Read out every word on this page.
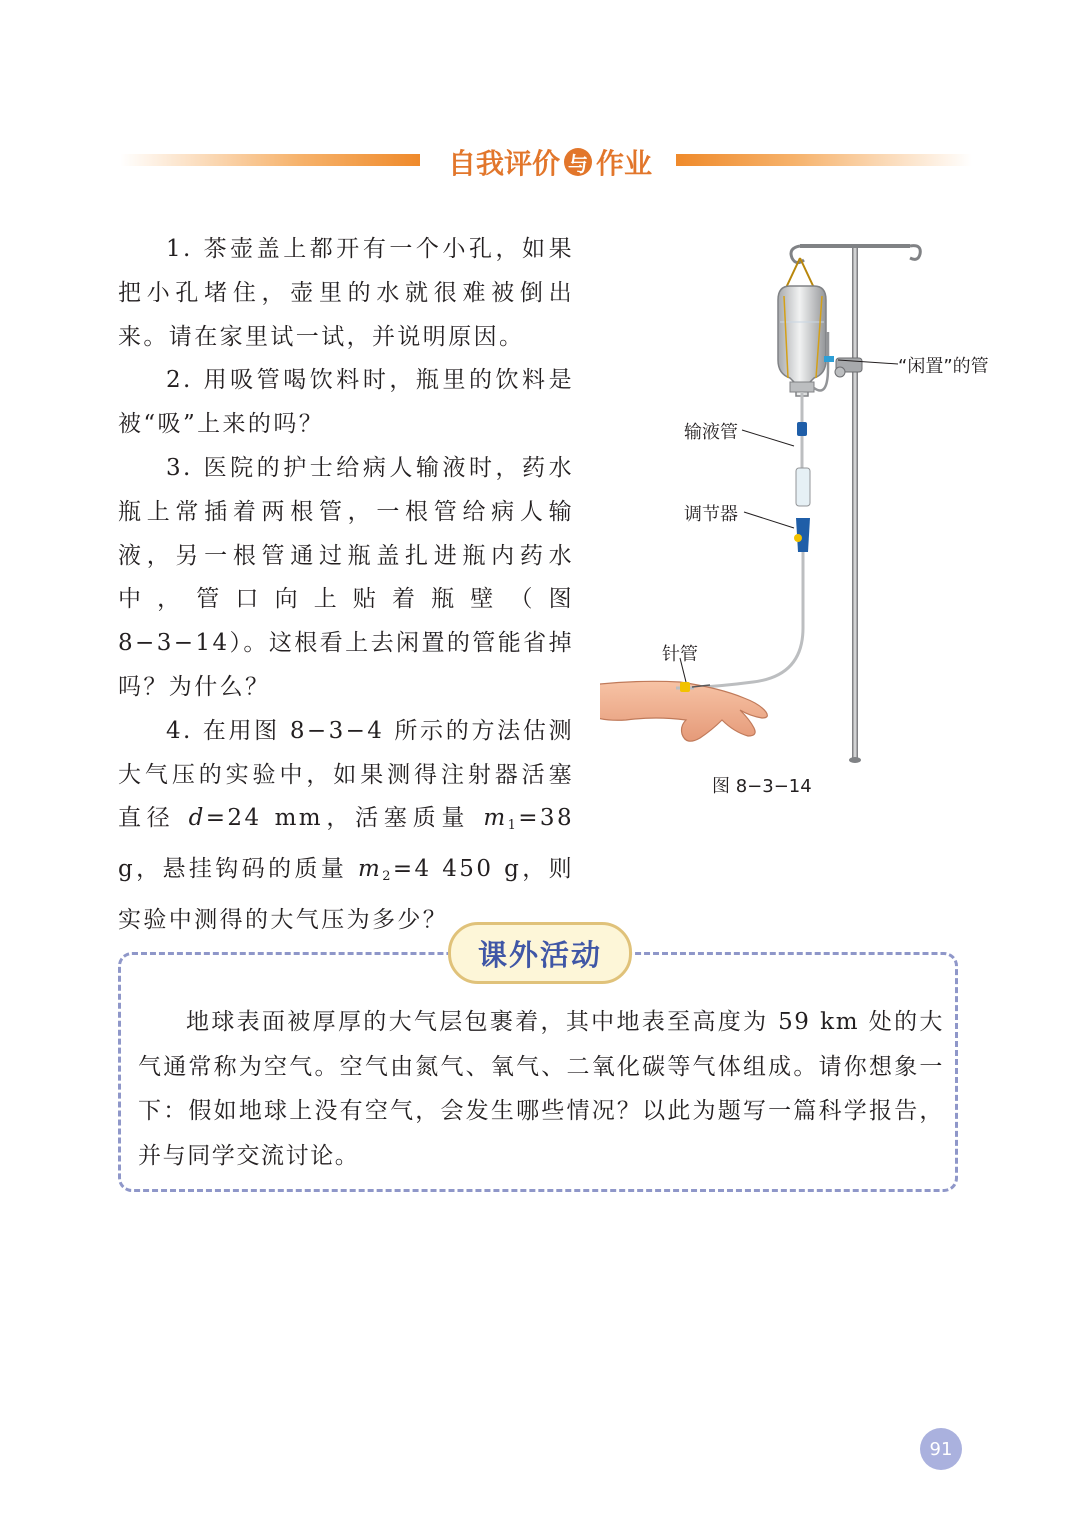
自我评价 与 作业

1. 茶壶盖上都开有一个小孔，如果把小孔堵住，壶里的水就很难被倒出来。请在家里试一试，并说明原因。

2. 用吸管喝饮料时，瓶里的饮料是被“吸”上来的吗？

3. 医院的护士给病人输液时，药水瓶上常插着两根管，一根管给病人输液，另一根管通过瓶盖扎进瓶内药水中，管口向上贴着瓶壁（图 8−3−14）。这根看上去闲置的管能省掉吗？为什么？

4. 在用图 8−3−4 所示的方法估测大气压的实验中，如果测得注射器活塞直径 d=24 mm，活塞质量 $m_1=38$ g，悬挂钩码的质量 $m_2=4$ 450 g，则实验中测得的大气压为多少？

“闲置”的管
输液管
调节器
针管
图 8−3−14
课外活动

地球表面被厚厚的大气层包裹着，其中地表至高度为 59 km 处的大气通常称为空气。空气由氮气、氧气、二氧化碳等气体组成。请你想象一下：假如地球上没有空气，会发生哪些情况？以此为题写一篇科学报告，并与同学交流讨论。

91
